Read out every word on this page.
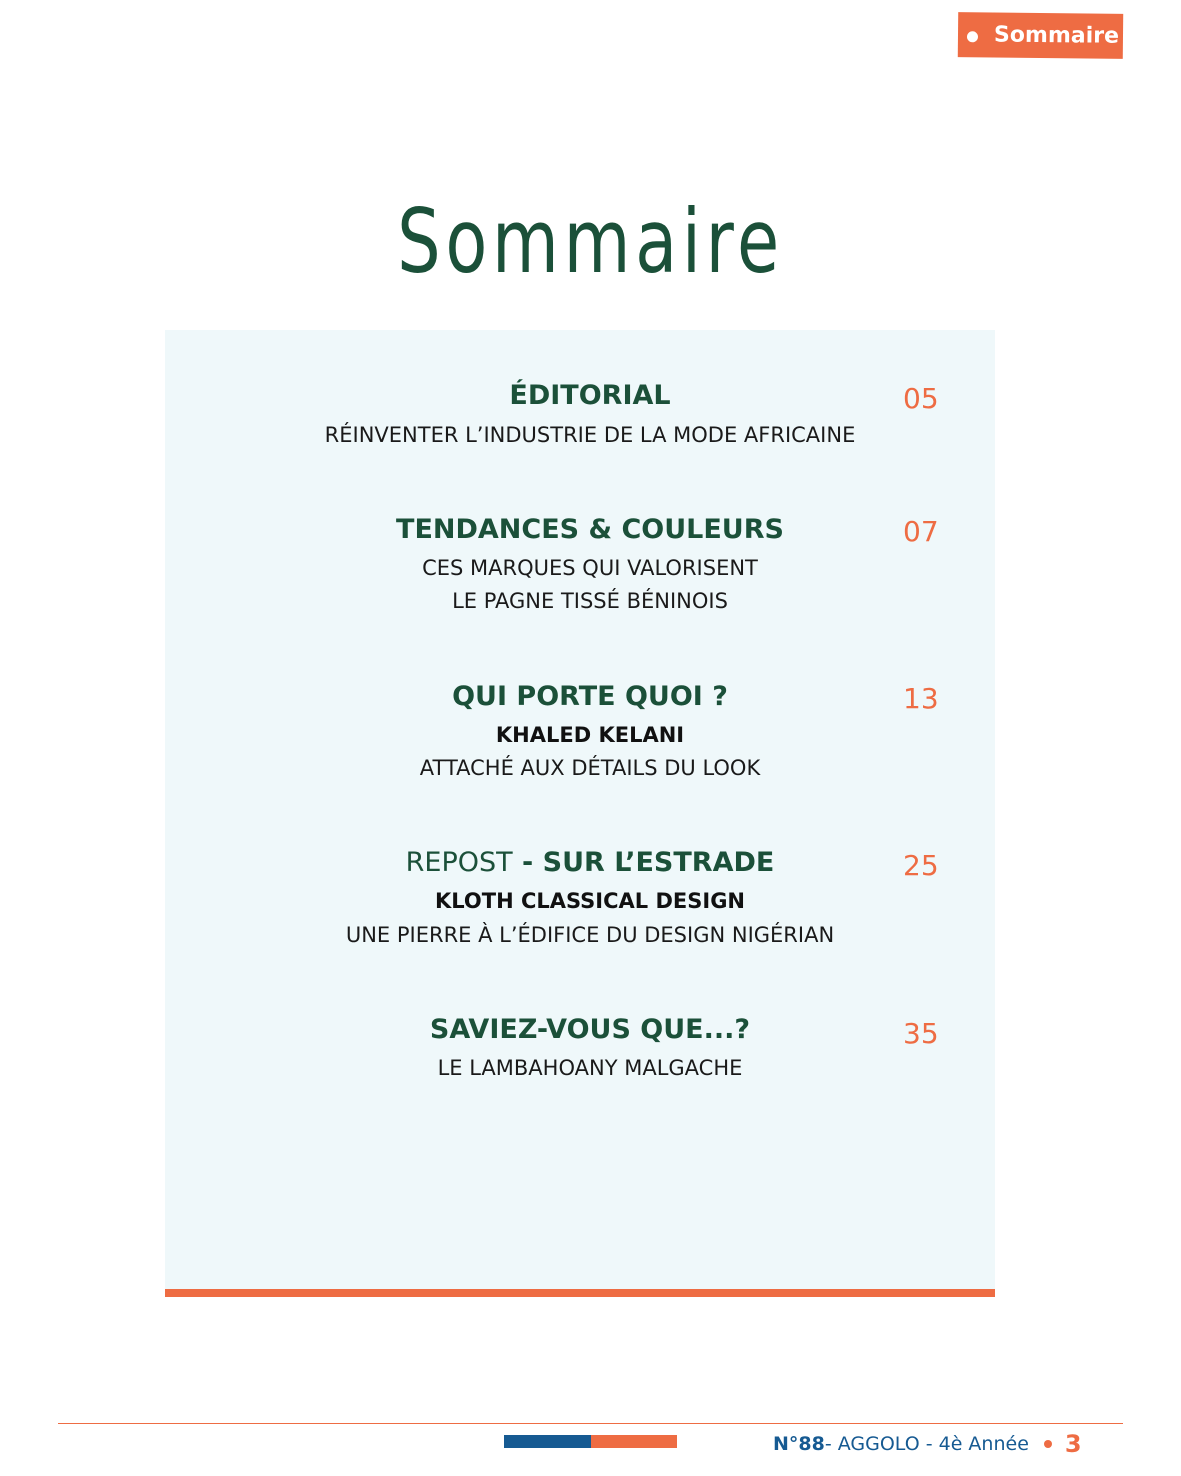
Sommaire
Sommaire
ÉDITORIAL	05
RÉINVENTER L’INDUSTRIE DE LA MODE AFRICAINE
TENDANCES & COULEURS	07
CES MARQUES QUI VALORISENT
LE PAGNE TISSÉ BÉNINOIS
QUI PORTE QUOI ?	13
KHALED KELANI
ATTACHÉ AUX DÉTAILS DU LOOK
REPOST - SUR L’ESTRADE	25
KLOTH CLASSICAL DESIGN
UNE PIERRE À L’ÉDIFICE DU DESIGN NIGÉRIAN
SAVIEZ-VOUS QUE...?	35
LE LAMBAHOANY MALGACHE
N°88 - AGGOLO - 4è Année 3
